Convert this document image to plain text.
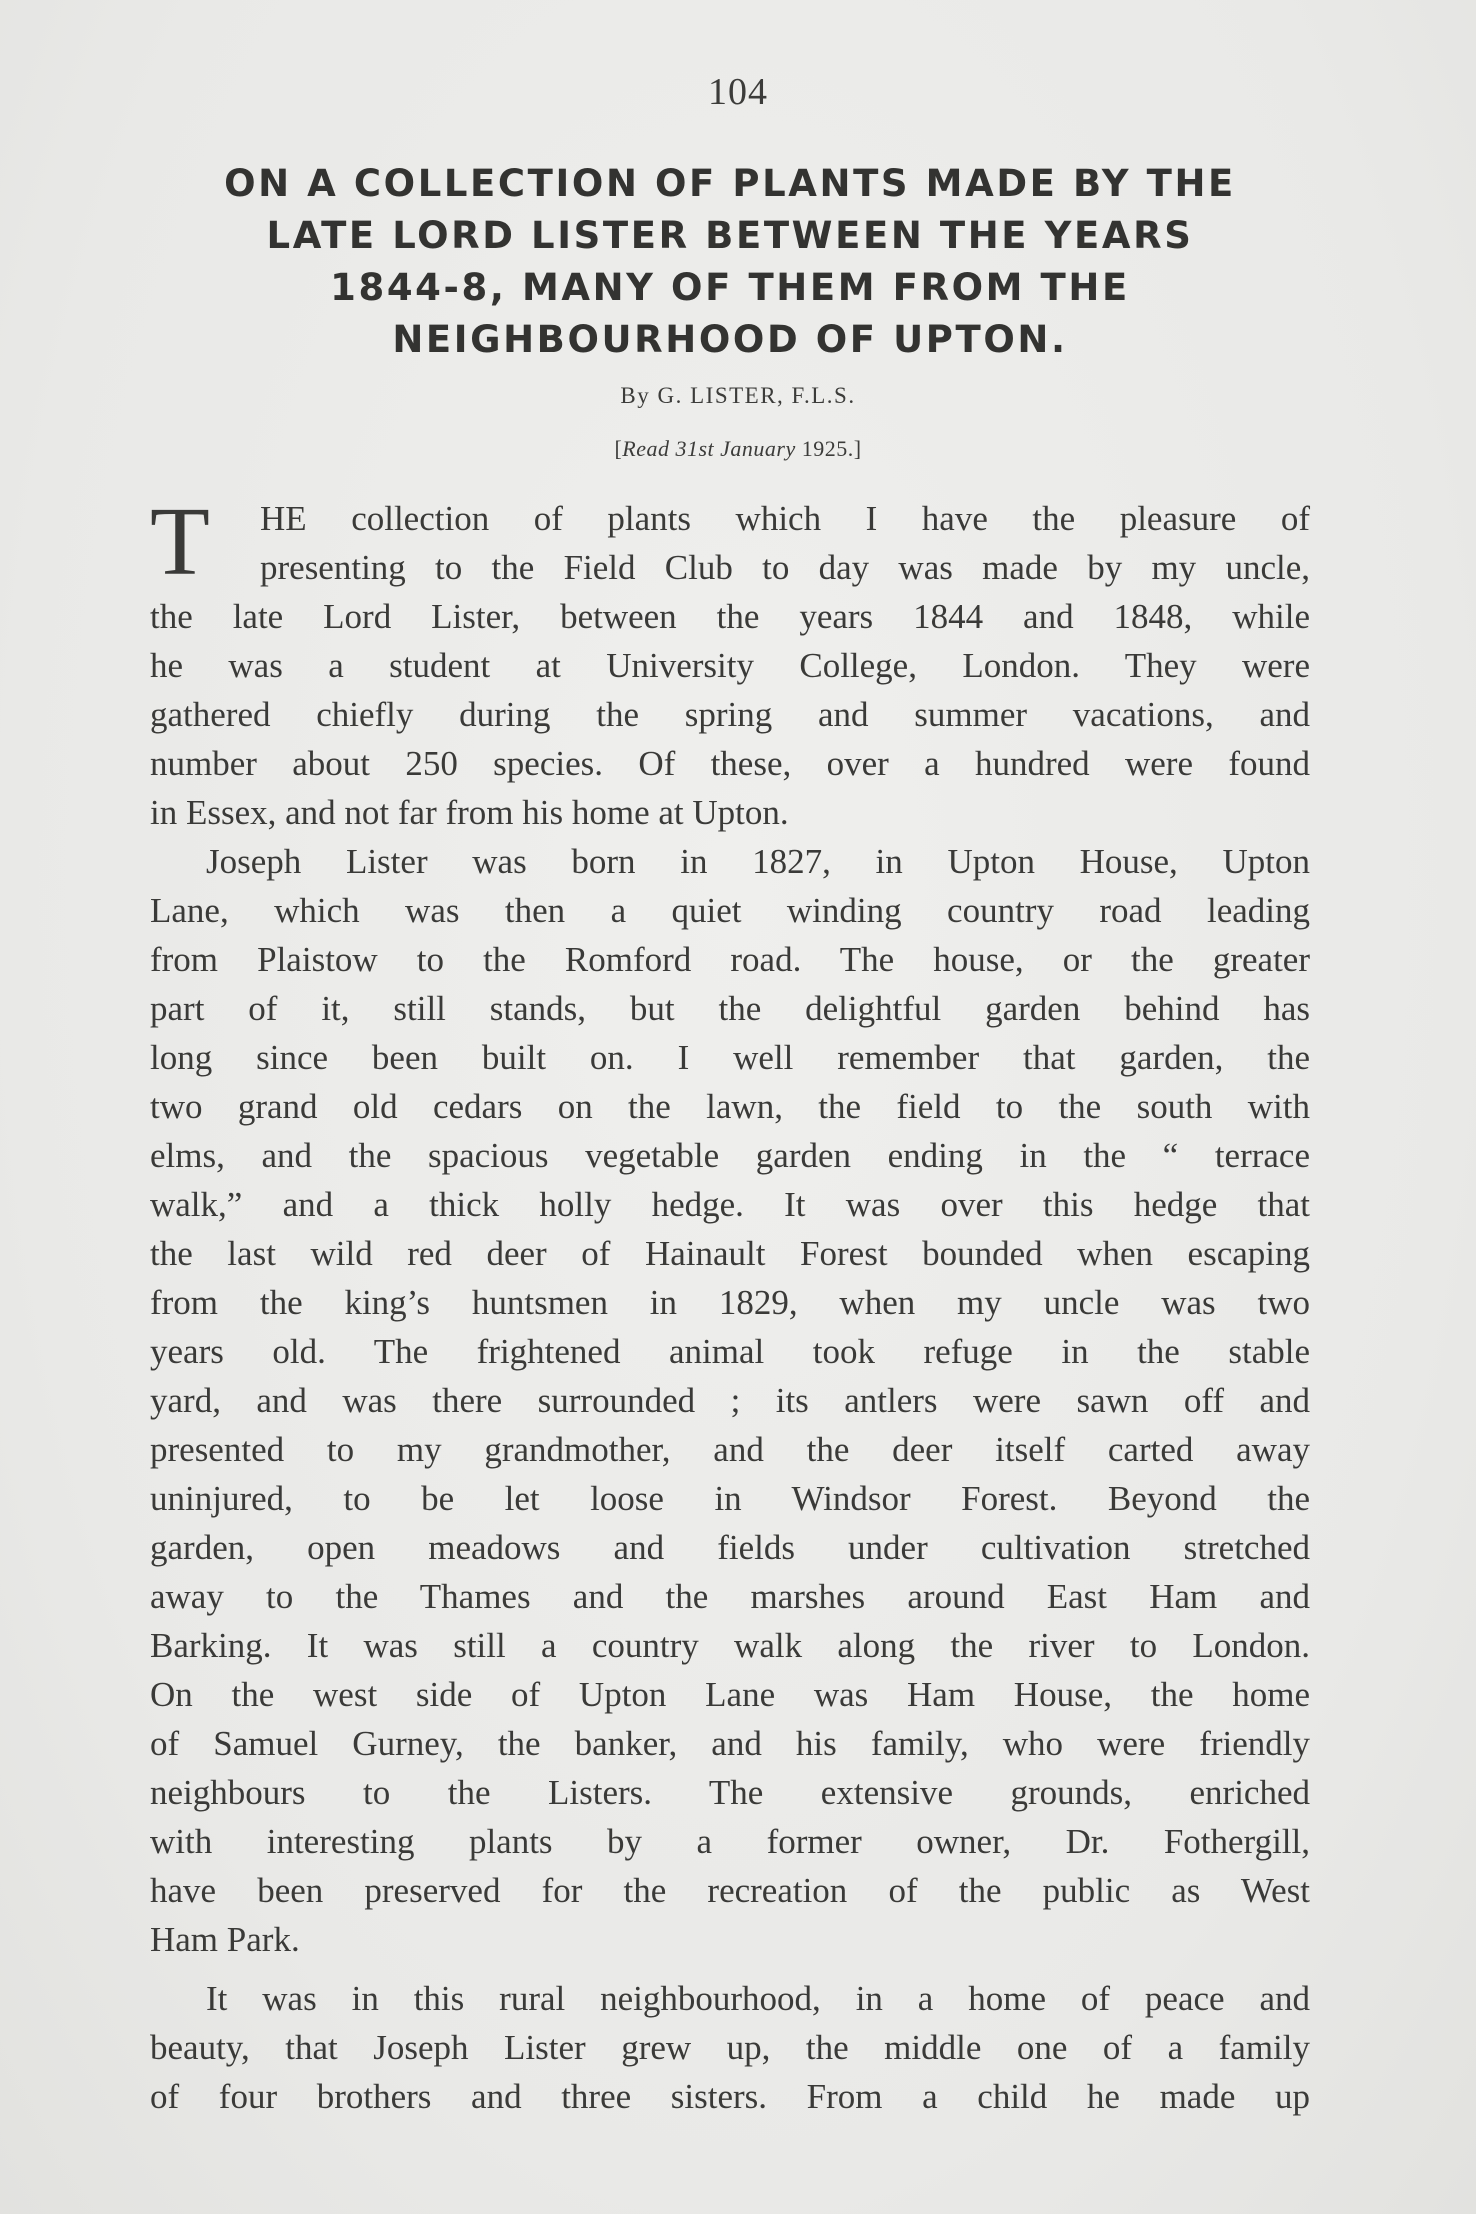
104
ON A COLLECTION OF PLANTS MADE BY THE
LATE LORD LISTER BETWEEN THE YEARS
1844-8, MANY OF THEM FROM THE
NEIGHBOURHOOD OF UPTON.
By G. LISTER, F.L.S.
[Read 31st January 1925.]
T	HE collection of plants which I have the pleasure of
presenting to the Field Club to day was made by my uncle,
the late Lord Lister, between the years 1844 and 1848, while
he was a student at University College, London. They were
gathered chiefly during the spring and summer vacations, and
number about 250 species. Of these, over a hundred were found
in Essex, and not far from his home at Upton.
Joseph Lister was born in 1827, in Upton House, Upton
Lane, which was then a quiet winding country road leading
from Plaistow to the Romford road. The house, or the greater
part of it, still stands, but the delightful garden behind has
long since been built on. I well remember that garden, the
two grand old cedars on the lawn, the field to the south with
elms, and the spacious vegetable garden ending in the “ terrace
walk,” and a thick holly hedge. It was over this hedge that
the last wild red deer of Hainault Forest bounded when escaping
from the king’s huntsmen in 1829, when my uncle was two
years old. The frightened animal took refuge in the stable
yard, and was there surrounded ; its antlers were sawn off and
presented to my grandmother, and the deer itself carted away
uninjured, to be let loose in Windsor Forest. Beyond the
garden, open meadows and fields under cultivation stretched
away to the Thames and the marshes around East Ham and
Barking. It was still a country walk along the river to London.
On the west side of Upton Lane was Ham House, the home
of Samuel Gurney, the banker, and his family, who were friendly
neighbours to the Listers. The extensive grounds, enriched
with interesting plants by a former owner, Dr. Fothergill,
have been preserved for the recreation of the public as West
Ham Park.
It was in this rural neighbourhood, in a home of peace and
beauty, that Joseph Lister grew up, the middle one of a family
of four brothers and three sisters. From a child he made up
